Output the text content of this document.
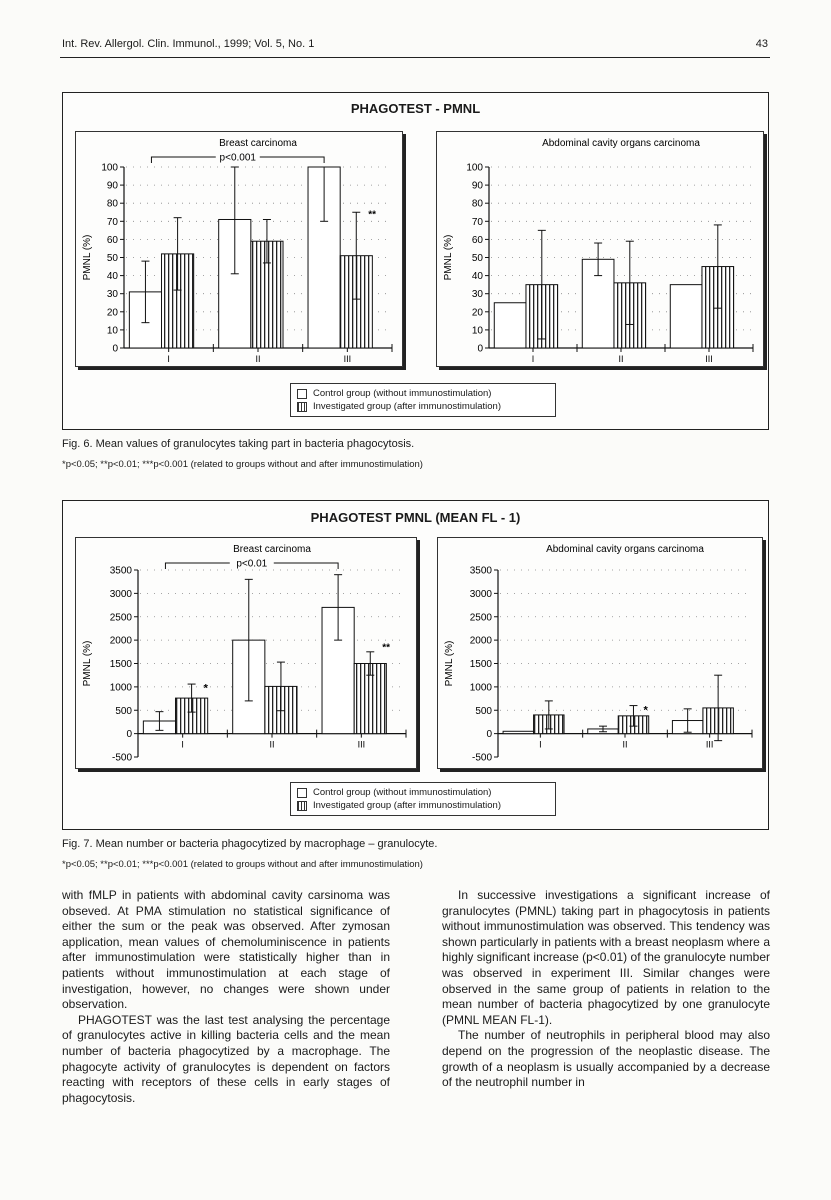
Int. Rev. Allergol. Clin. Immunol., 1999; Vol. 5, No. 1	43
PHAGOTEST - PMNL
Breast carcinoma
0
10
20
30
40
50
60
70
80
90
100
PMNL (%)
I	II	III
p<0.001
**
Abdominal cavity organs carcinoma
0
10
20
30
40
50
60
70
80
90
100
PMNL (%)
I	II	III
Control group (without immunostimulation)
Investigated group (after immunostimulation)
Fig. 6. Mean values of granulocytes taking part in bacteria phagocytosis.
*p<0.05; **p<0.01; ***p<0.001 (related to groups without and after immunostimulation)
PHAGOTEST PMNL (MEAN FL - 1)
Breast carcinoma
-500
0
500
1000
1500
2000
2500
3000
3500
PMNL (%)
I	II	III
p<0.01
*
**
Abdominal cavity organs carcinoma
-500
0
500
1000
1500
2000
2500
3000
3500
PMNL (%)
I	II	III
*
Control group (without immunostimulation)
Investigated group (after immunostimulation)
Fig. 7. Mean number or bacteria phagocytized by macrophage – granulocyte.
*p<0.05; **p<0.01; ***p<0.001 (related to groups without and after immunostimulation)

with fMLP in patients with abdominal cavity carsinoma was obseved. At PMA stimulation no statistical significance of either the sum or the peak was observed. After zymosan application, mean values of chemoluminiscence in patients after immunostimulation were statistically higher than in patients without immunostimulation at each stage of investigation, however, no changes were shown under observation.

PHAGOTEST was the last test analysing the percentage of granulocytes active in killing bacteria cells and the mean number of bacteria phagocytized by a macrophage. The phagocyte activity of granulocytes is dependent on factors reacting with receptors of these cells in early stages of phagocytosis.

In successive investigations a significant increase of granulocytes (PMNL) taking part in phagocytosis in patients without immunostimulation was observed. This tendency was shown particularly in patients with a breast neoplasm where a highly significant increase (p<0.01) of the granulocyte number was observed in experiment III. Similar changes were observed in the same group of patients in relation to the mean number of bacteria phagocytized by one granulocyte (PMNL MEAN FL-1).

The number of neutrophils in peripheral blood may also depend on the progression of the neoplastic disease. The growth of a neoplasm is usually accompanied by a decrease of the neutrophil number in
